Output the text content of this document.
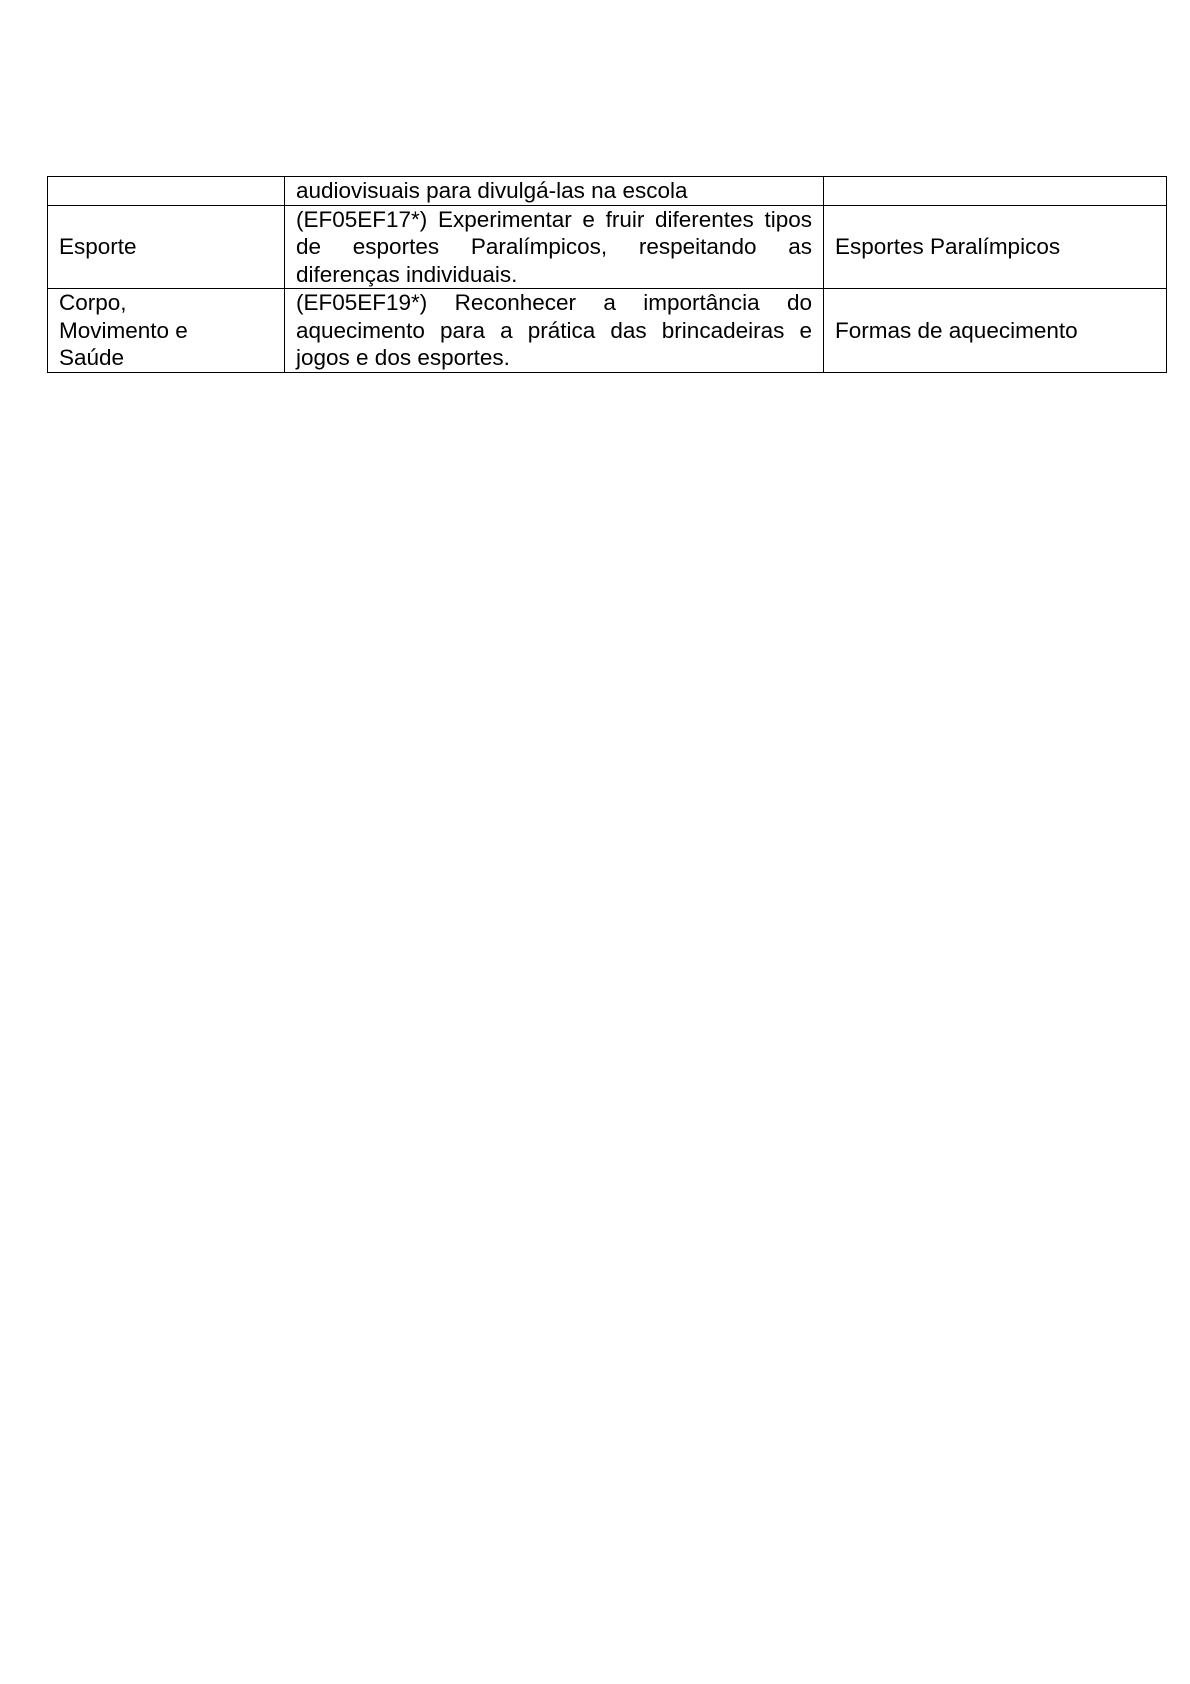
	audiovisuais para divulgá-las na escola	
Esporte	(EF05EF17*) Experimentar e fruir diferentes tipos de esportes Paralímpicos, respeitando as diferenças individuais.	Esportes Paralímpicos
Corpo,
Movimento e
Saúde	(EF05EF19*) Reconhecer a importância do aquecimento para a prática das brincadeiras e jogos e dos esportes.	Formas de aquecimento
